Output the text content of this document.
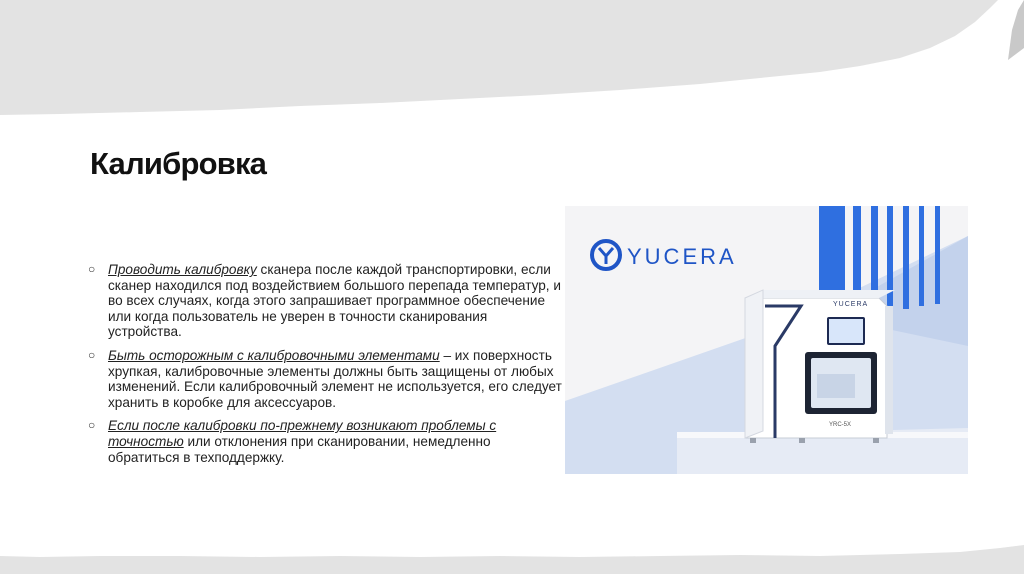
Калибровка
○ Проводить калибровку сканера после каждой транспортировки, если сканер находился под воздействием большого перепада температур, и во всех случаях, когда этого запрашивает программное обеспечение или когда пользователь не уверен в точности сканирования устройства.
○ Быть осторожным с калибровочными элементами – их поверхность хрупкая, калибровочные элементы должны быть защищены от любых изменений. Если калибровочный элемент не используется, его следует хранить в коробке для аксессуаров.
○ Если после калибровки по-прежнему возникают проблемы с точностью или отклонения при сканировании, немедленно обратиться в техподдержку.
YUCERA
YUCERA
YRC-5X
